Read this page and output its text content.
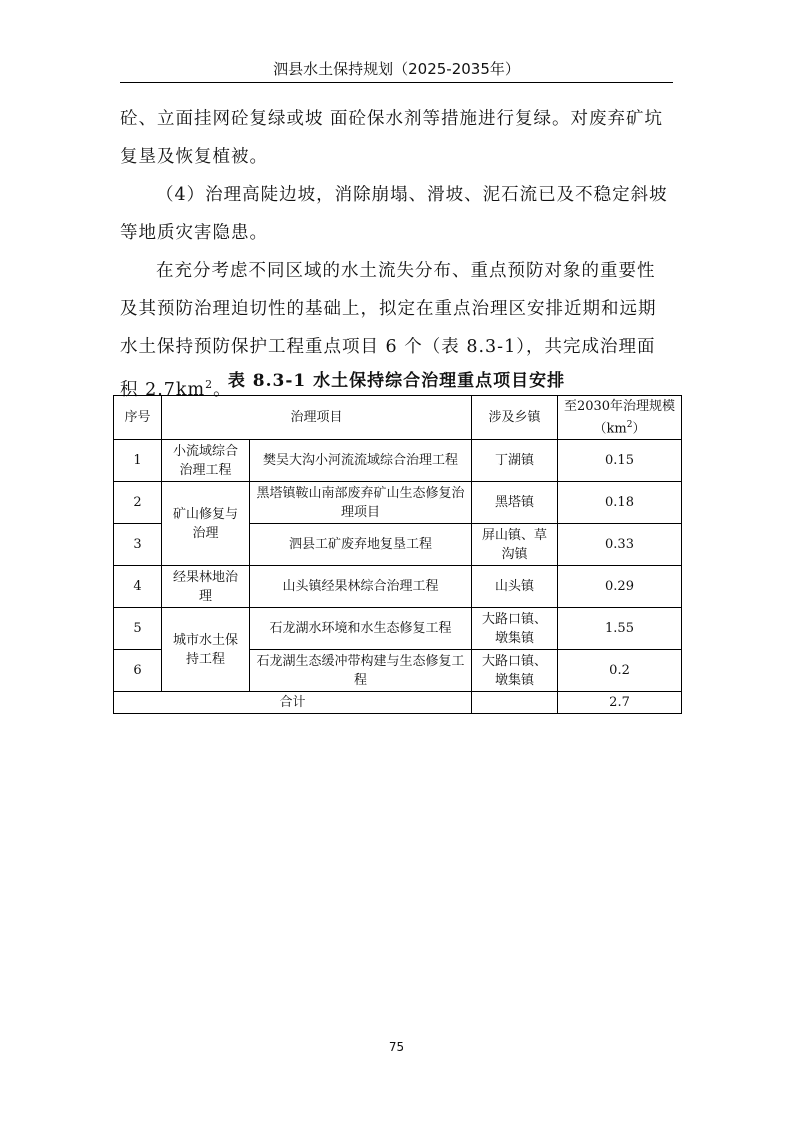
泗县水土保持规划（2025-2035年）
砼、立面挂网砼复绿或坡 面砼保水剂等措施进行复绿。对废弃矿坑复垦及恢复植被。
（4）治理高陡边坡，消除崩塌、滑坡、泥石流已及不稳定斜坡等地质灾害隐患。
在充分考虑不同区域的水土流失分布、重点预防对象的重要性及其预防治理迫切性的基础上，拟定在重点治理区安排近期和远期水土保持预防保护工程重点项目 6 个（表 8.3-1），共完成治理面积 $2.7km^2$。
表 8.3-1 水土保持综合治理重点项目安排
序号	治理项目		涉及乡镇	至2030年治理规模$(km^2)$
1	小流域综合治理工程	樊吴大沟小河流流域综合治理工程	丁湖镇	0.15
2	矿山修复与治理	黑塔镇鞍山南部废弃矿山生态修复治理项目	黑塔镇	0.18
3		泗县工矿废弃地复垦工程	屏山镇、草沟镇	0.33
4	经果林地治理	山头镇经果林综合治理工程	山头镇	0.29
5	城市水土保持工程	石龙湖水环境和水生态修复工程	大路口镇、墩集镇	1.55
6		石龙湖生态缓冲带构建与生态修复工程	大路口镇、墩集镇	0.2
合计				2.7
75
